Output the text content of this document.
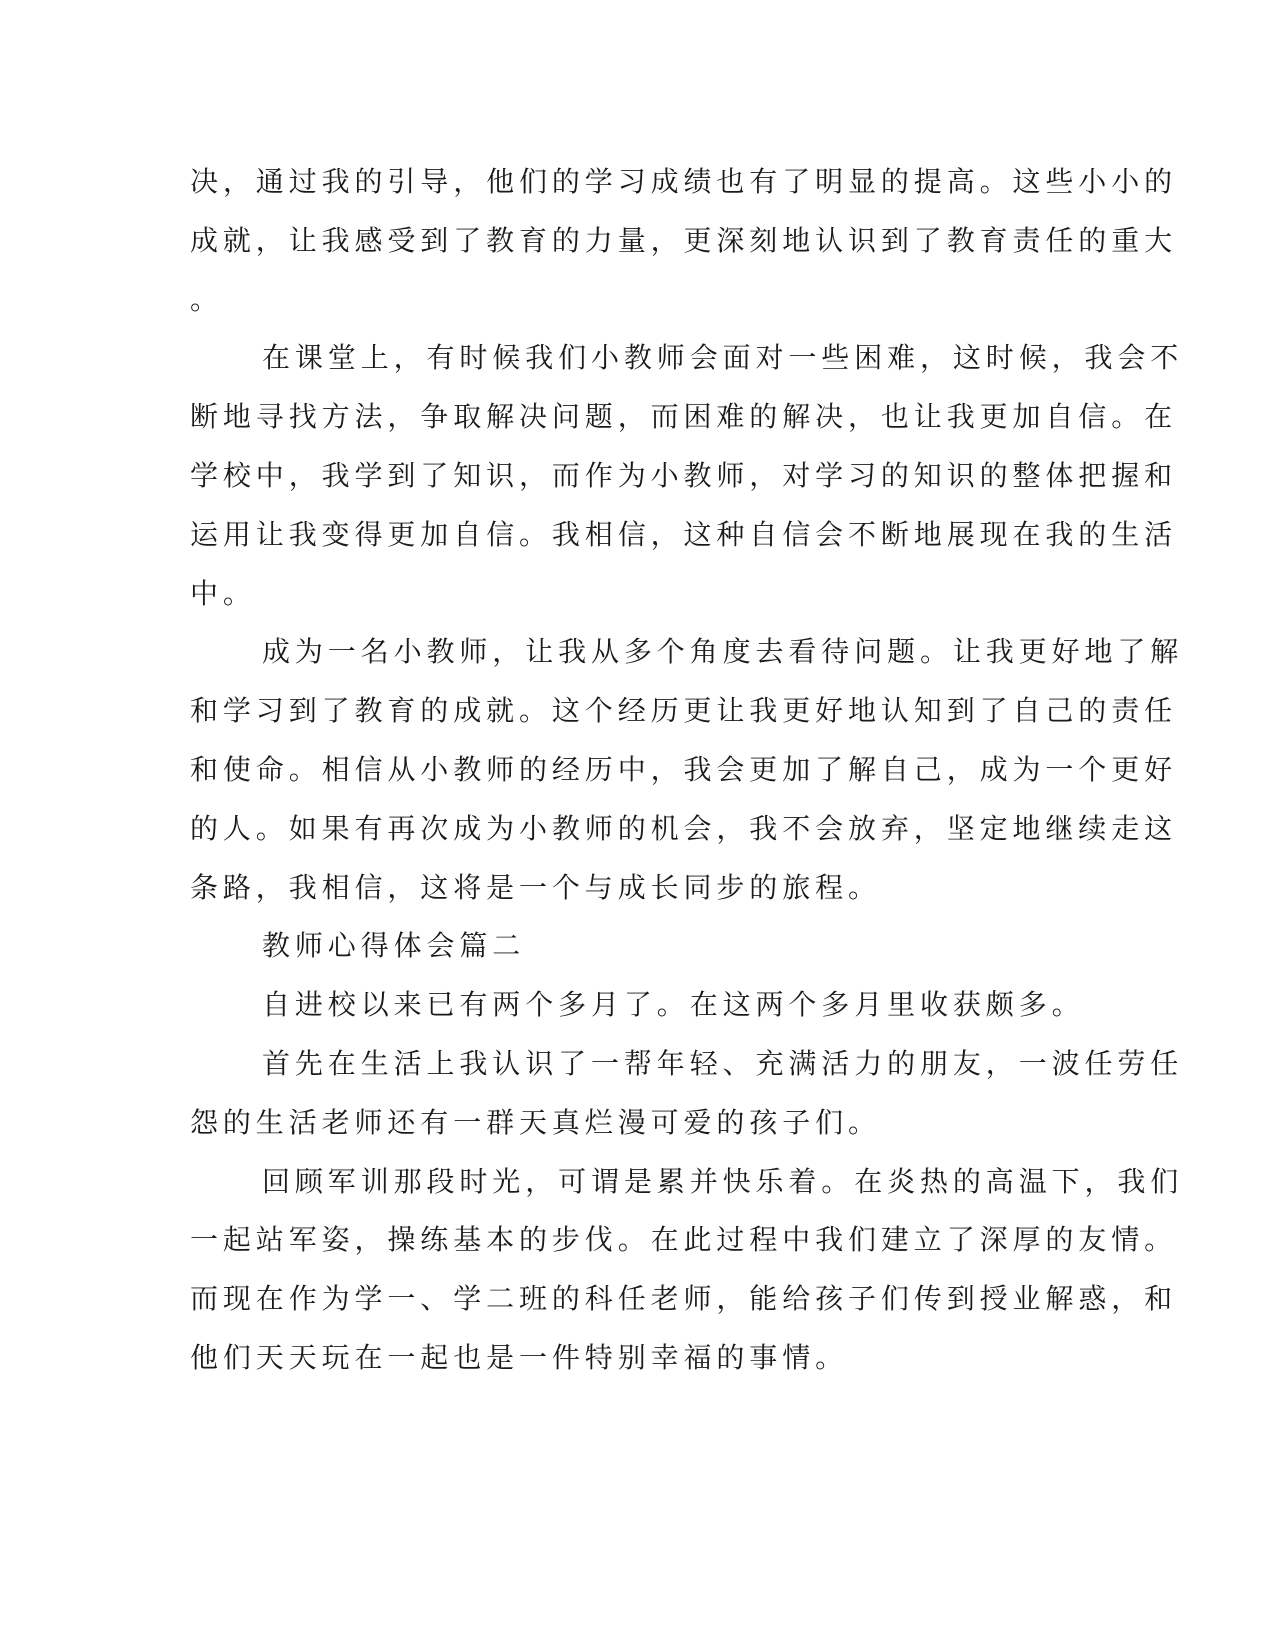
决，通过我的引导，他们的学习成绩也有了明显的提高。这些小小的
成就，让我感受到了教育的力量，更深刻地认识到了教育责任的重大
。
在课堂上，有时候我们小教师会面对一些困难，这时候，我会不
断地寻找方法，争取解决问题，而困难的解决，也让我更加自信。在
学校中，我学到了知识，而作为小教师，对学习的知识的整体把握和
运用让我变得更加自信。我相信，这种自信会不断地展现在我的生活
中。
成为一名小教师，让我从多个角度去看待问题。让我更好地了解
和学习到了教育的成就。这个经历更让我更好地认知到了自己的责任
和使命。相信从小教师的经历中，我会更加了解自己，成为一个更好
的人。如果有再次成为小教师的机会，我不会放弃，坚定地继续走这
条路，我相信，这将是一个与成长同步的旅程。
教师心得体会篇二
自进校以来已有两个多月了。在这两个多月里收获颇多。
首先在生活上我认识了一帮年轻、充满活力的朋友，一波任劳任
怨的生活老师还有一群天真烂漫可爱的孩子们。
回顾军训那段时光，可谓是累并快乐着。在炎热的高温下，我们
一起站军姿，操练基本的步伐。在此过程中我们建立了深厚的友情。
而现在作为学一、学二班的科任老师，能给孩子们传到授业解惑，和
他们天天玩在一起也是一件特别幸福的事情。
